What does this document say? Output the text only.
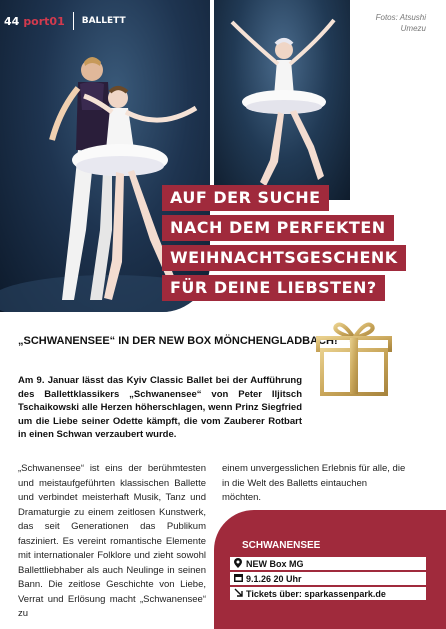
44 port01 BALLETT	Fotos: Atsushi
Umezu
AUF DER SUCHE
NACH DEM PERFEKTEN
WEIHNACHTSGESCHENK
FÜR DEINE LIEBSTEN?
„SCHWANENSEE“ IN DER NEW BOX MÖNCHENGLADBACH!
Am 9. Januar lässt das Kyiv Classic Ballet bei der Aufführung des Ballettklassikers „Schwanensee“ von Peter Iljitsch Tschaikowski alle Herzen höherschlagen, wenn Prinz Siegfried um die Liebe seiner Odette kämpft, die vom Zauberer Rotbart in einen Schwan verzaubert wurde.
„Schwanensee“ ist eins der berühmtesten und meistaufgeführten klassischen Ballette und verbindet meisterhaft Musik, Tanz und Dramaturgie zu einem zeitlosen Kunstwerk, das seit Generationen das Publikum fasziniert. Es vereint romantische Elemente mit internationaler Folklore und zieht sowohl Ballettliebhaber als auch Neulinge in seinen Bann. Die zeitlose Geschichte von Liebe, Verrat und Erlösung macht „Schwanensee“ zu
einem unvergesslichen Erlebnis für alle, die in die Welt des Balletts eintauchen möchten.
SCHWANENSEE
NEW Box MG
9.1.26 20 Uhr
Tickets über: sparkassenpark.de
